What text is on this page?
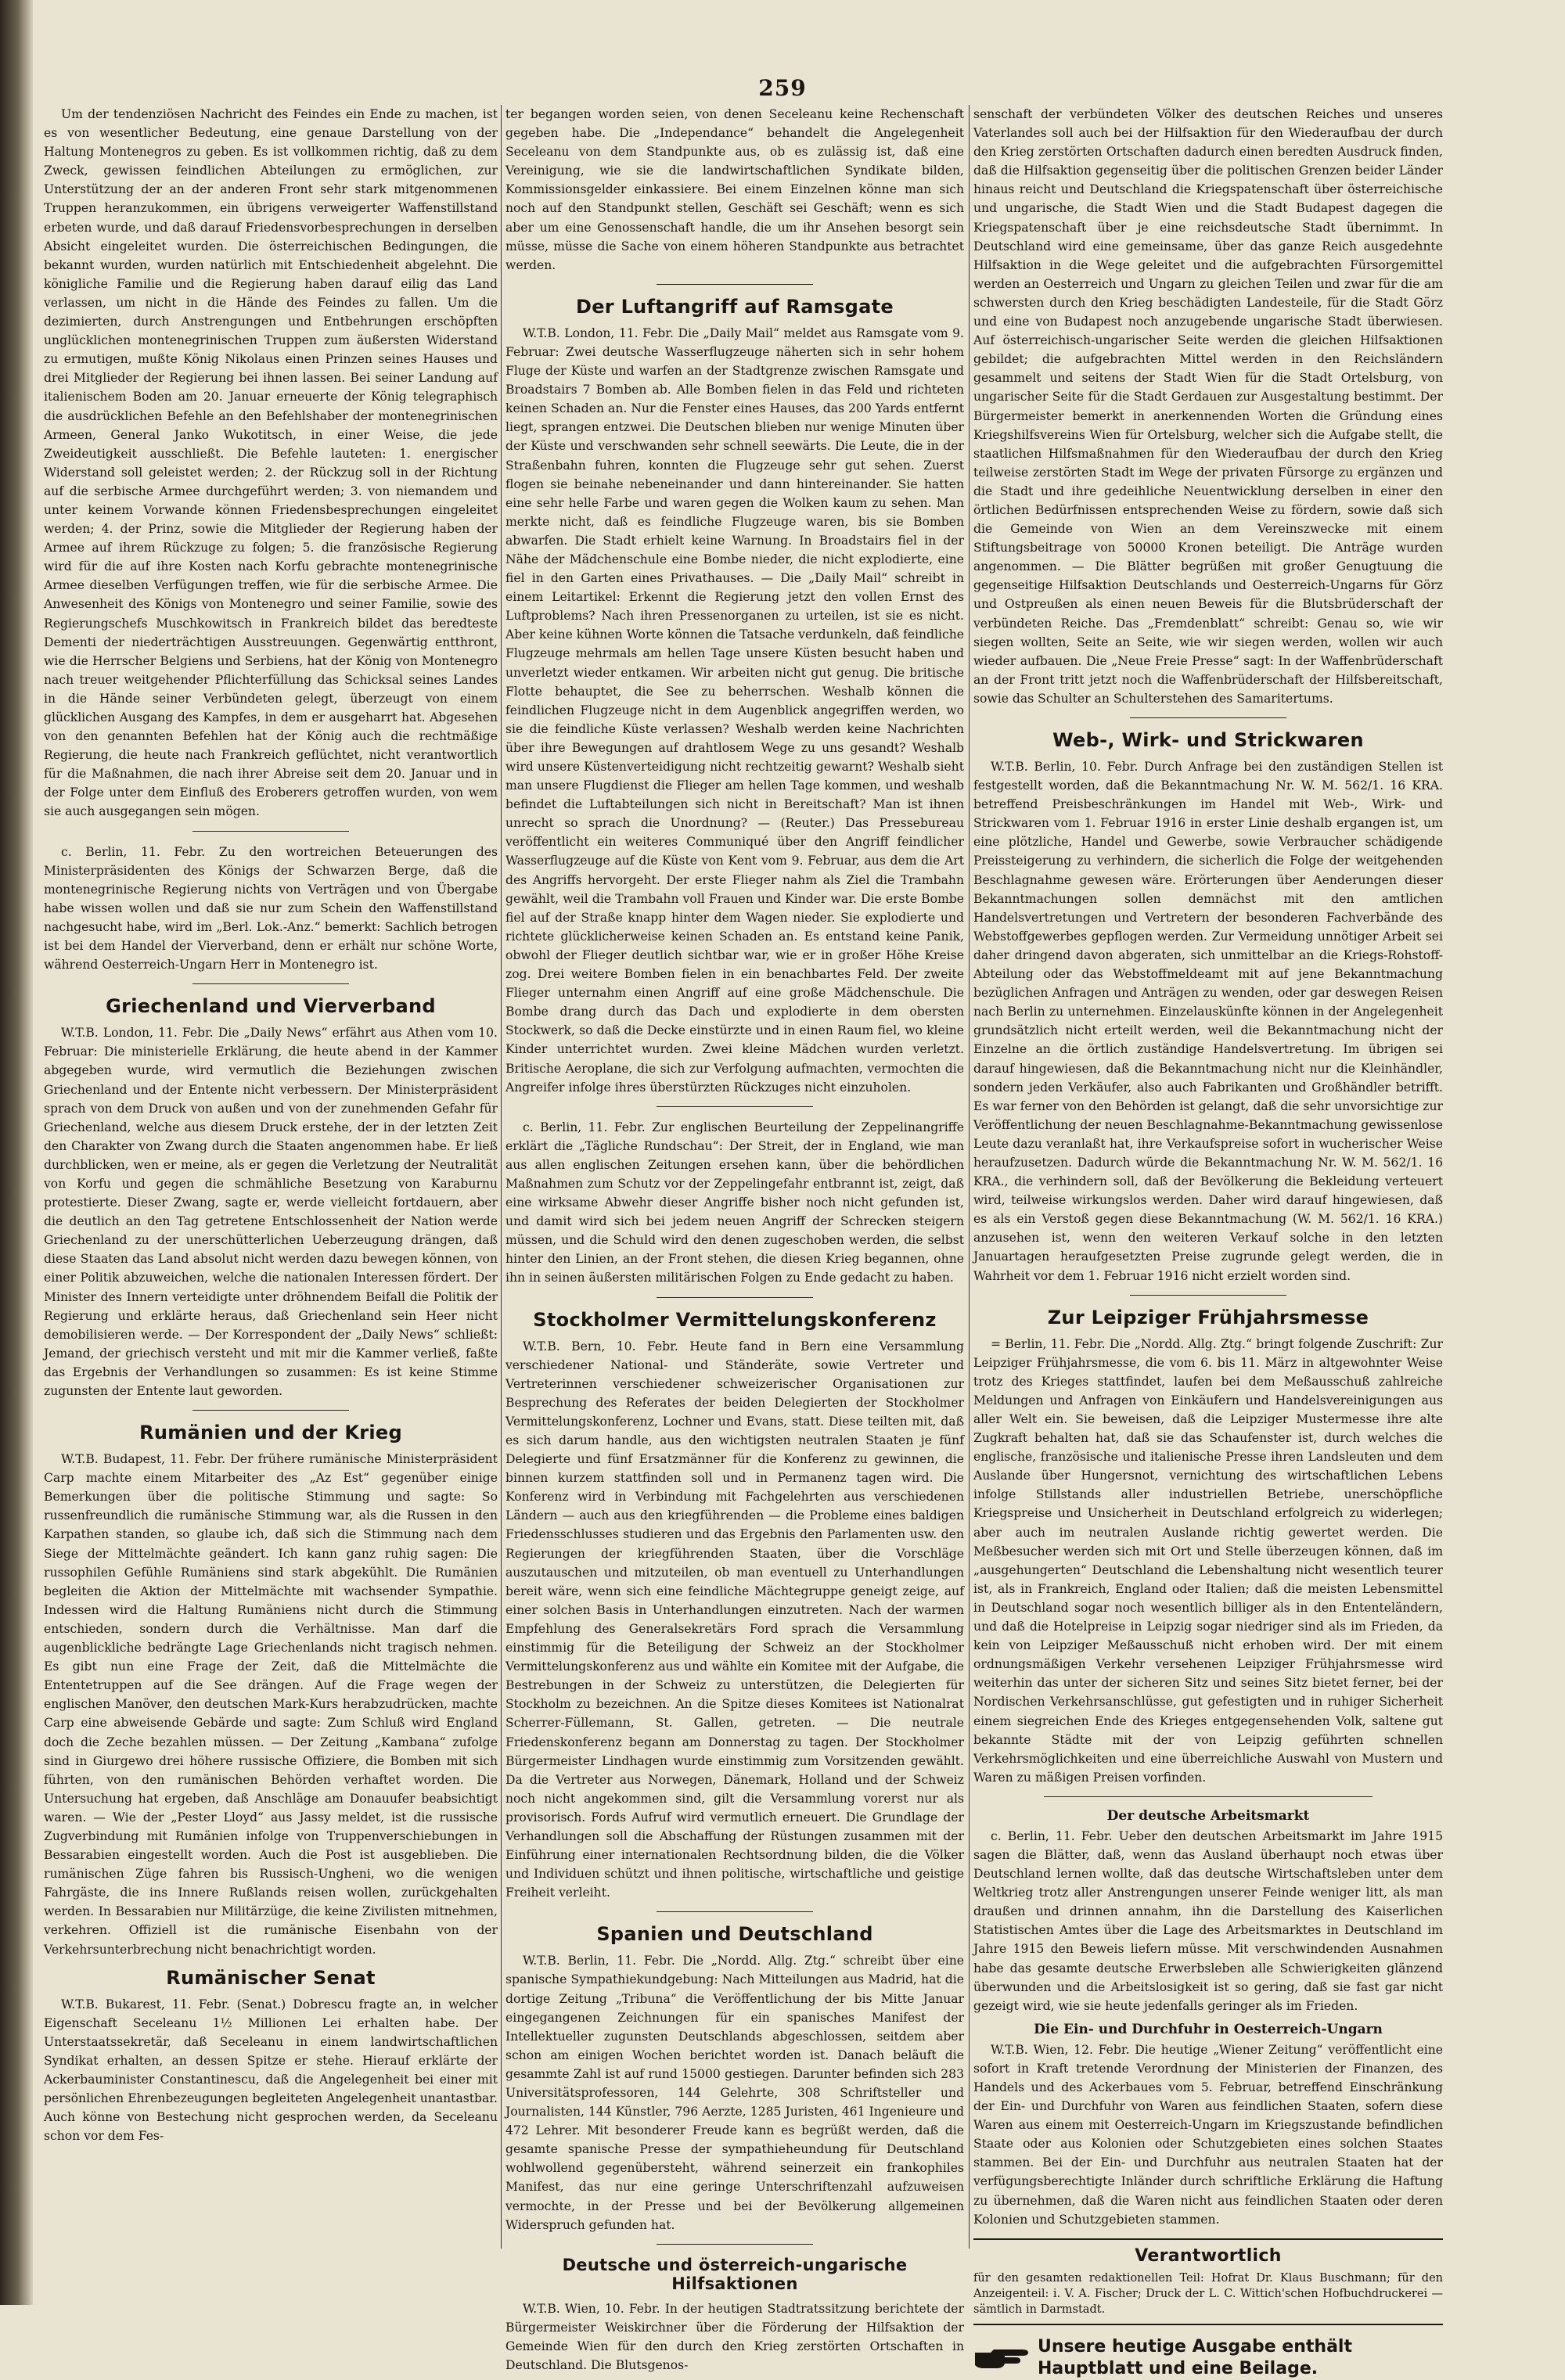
259

Um der tendenziösen Nachricht des Feindes ein Ende zu machen, ist es von wesentlicher Bedeutung, eine genaue Darstellung von der Haltung Montenegros zu geben. Es ist vollkommen richtig, daß zu dem Zweck, gewissen feindlichen Abteilungen zu ermöglichen, zur Unterstützung der an der anderen Front sehr stark mitgenommenen Truppen heranzukommen, ein übrigens verweigerter Waffenstillstand erbeten wurde, und daß darauf Friedensvorbesprechungen in derselben Absicht eingeleitet wurden. Die österreichischen Bedingungen, die bekannt wurden, wurden natürlich mit Entschiedenheit abgelehnt. Die königliche Familie und die Regierung haben darauf eilig das Land verlassen, um nicht in die Hände des Feindes zu fallen. Um die dezimierten, durch Anstrengungen und Entbehrungen erschöpften unglücklichen montenegrinischen Truppen zum äußersten Widerstand zu ermutigen, mußte König Nikolaus einen Prinzen seines Hauses und drei Mitglieder der Regierung bei ihnen lassen. Bei seiner Landung auf italienischem Boden am 20. Januar erneuerte der König telegraphisch die ausdrücklichen Befehle an den Befehlshaber der montenegrinischen Armeen, General Janko Wukotitsch, in einer Weise, die jede Zweideutigkeit ausschließt. Die Befehle lauteten: 1. energischer Widerstand soll geleistet werden; 2. der Rückzug soll in der Richtung auf die serbische Armee durchgeführt werden; 3. von niemandem und unter keinem Vorwande können Friedensbesprechungen eingeleitet werden; 4. der Prinz, sowie die Mitglieder der Regierung haben der Armee auf ihrem Rückzuge zu folgen; 5. die französische Regierung wird für die auf ihre Kosten nach Korfu gebrachte montenegrinische Armee dieselben Verfügungen treffen, wie für die serbische Armee. Die Anwesenheit des Königs von Montenegro und seiner Familie, sowie des Regierungschefs Muschkowitsch in Frankreich bildet das beredteste Dementi der niederträchtigen Ausstreuungen. Gegenwärtig entthront, wie die Herrscher Belgiens und Serbiens, hat der König von Montenegro nach treuer weitgehender Pflichterfüllung das Schicksal seines Landes in die Hände seiner Verbündeten gelegt, überzeugt von einem glücklichen Ausgang des Kampfes, in dem er ausgeharrt hat. Abgesehen von den genannten Befehlen hat der König auch die rechtmäßige Regierung, die heute nach Frankreich geflüchtet, nicht verantwortlich für die Maßnahmen, die nach ihrer Abreise seit dem 20. Januar und in der Folge unter dem Einfluß des Eroberers getroffen wurden, von wem sie auch ausgegangen sein mögen.

c. Berlin, 11. Febr. Zu den wortreichen Beteuerungen des Ministerpräsidenten des Königs der Schwarzen Berge, daß die montenegrinische Regierung nichts von Verträgen und von Übergabe habe wissen wollen und daß sie nur zum Schein den Waffenstillstand nachgesucht habe, wird im „Berl. Lok.-Anz.“ bemerkt: Sachlich betrogen ist bei dem Handel der Vierverband, denn er erhält nur schöne Worte, während Oesterreich-Ungarn Herr in Montenegro ist.

Griechenland und Vierverband

W.T.B. London, 11. Febr. Die „Daily News“ erfährt aus Athen vom 10. Februar: Die ministerielle Erklärung, die heute abend in der Kammer abgegeben wurde, wird vermutlich die Beziehungen zwischen Griechenland und der Entente nicht verbessern. Der Ministerpräsident sprach von dem Druck von außen und von der zunehmenden Gefahr für Griechenland, welche aus diesem Druck erstehe, der in der letzten Zeit den Charakter von Zwang durch die Staaten angenommen habe. Er ließ durchblicken, wen er meine, als er gegen die Verletzung der Neutralität von Korfu und gegen die schmähliche Besetzung von Karaburnu protestierte. Dieser Zwang, sagte er, werde vielleicht fortdauern, aber die deutlich an den Tag getretene Entschlossenheit der Nation werde Griechenland zu der unerschütterlichen Ueberzeugung drängen, daß diese Staaten das Land absolut nicht werden dazu bewegen können, von einer Politik abzuweichen, welche die nationalen Interessen fördert. Der Minister des Innern verteidigte unter dröhnendem Beifall die Politik der Regierung und erklärte heraus, daß Griechenland sein Heer nicht demobilisieren werde. — Der Korrespondent der „Daily News“ schließt: Jemand, der griechisch versteht und mit mir die Kammer verließ, faßte das Ergebnis der Verhandlungen so zusammen: Es ist keine Stimme zugunsten der Entente laut geworden.

Rumänien und der Krieg

W.T.B. Budapest, 11. Febr. Der frühere rumänische Ministerpräsident Carp machte einem Mitarbeiter des „Az Est“ gegenüber einige Bemerkungen über die politische Stimmung und sagte: So russenfreundlich die rumänische Stimmung war, als die Russen in den Karpathen standen, so glaube ich, daß sich die Stimmung nach dem Siege der Mittelmächte geändert. Ich kann ganz ruhig sagen: Die russophilen Gefühle Rumäniens sind stark abgekühlt. Die Rumänien begleiten die Aktion der Mittelmächte mit wachsender Sympathie. Indessen wird die Haltung Rumäniens nicht durch die Stimmung entschieden, sondern durch die Verhältnisse. Man darf die augenblickliche bedrängte Lage Griechenlands nicht tragisch nehmen. Es gibt nun eine Frage der Zeit, daß die Mittelmächte die Ententetruppen auf die See drängen. Auf die Frage wegen der englischen Manöver, den deutschen Mark-Kurs herabzudrücken, machte Carp eine abweisende Gebärde und sagte: Zum Schluß wird England doch die Zeche bezahlen müssen. — Der Zeitung „Kambana“ zufolge sind in Giurgewo drei höhere russische Offiziere, die Bomben mit sich führten, von den rumänischen Behörden verhaftet worden. Die Untersuchung hat ergeben, daß Anschläge am Donauufer beabsichtigt waren. — Wie der „Pester Lloyd“ aus Jassy meldet, ist die russische Zugverbindung mit Rumänien infolge von Truppenverschiebungen in Bessarabien eingestellt worden. Auch die Post ist ausgeblieben. Die rumänischen Züge fahren bis Russisch-Ungheni, wo die wenigen Fahrgäste, die ins Innere Rußlands reisen wollen, zurückgehalten werden. In Bessarabien nur Militärzüge, die keine Zivilisten mitnehmen, verkehren. Offiziell ist die rumänische Eisenbahn von der Verkehrsunterbrechung nicht benachrichtigt worden.

Rumänischer Senat

W.T.B. Bukarest, 11. Febr. (Senat.) Dobrescu fragte an, in welcher Eigenschaft Seceleanu 1½ Millionen Lei erhalten habe. Der Unterstaatssekretär, daß Seceleanu in einem landwirtschaftlichen Syndikat erhalten, an dessen Spitze er stehe. Hierauf erklärte der Ackerbauminister Constantinescu, daß die Angelegenheit bei einer mit persönlichen Ehrenbezeugungen begleiteten Angelegenheit unantastbar. Auch könne von Bestechung nicht gesprochen werden, da Seceleanu schon vor dem Fes-

ter begangen worden seien, von denen Seceleanu keine Rechenschaft gegeben habe. Die „Independance“ behandelt die Angelegenheit Seceleanu von dem Standpunkte aus, ob es zulässig ist, daß eine Vereinigung, wie sie die landwirtschaftlichen Syndikate bilden, Kommissionsgelder einkassiere. Bei einem Einzelnen könne man sich noch auf den Standpunkt stellen, Geschäft sei Geschäft; wenn es sich aber um eine Genossenschaft handle, die um ihr Ansehen besorgt sein müsse, müsse die Sache von einem höheren Standpunkte aus betrachtet werden.

Der Luftangriff auf Ramsgate

W.T.B. London, 11. Febr. Die „Daily Mail“ meldet aus Ramsgate vom 9. Februar: Zwei deutsche Wasserflugzeuge näherten sich in sehr hohem Fluge der Küste und warfen an der Stadtgrenze zwischen Ramsgate und Broadstairs 7 Bomben ab. Alle Bomben fielen in das Feld und richteten keinen Schaden an. Nur die Fenster eines Hauses, das 200 Yards entfernt liegt, sprangen entzwei. Die Deutschen blieben nur wenige Minuten über der Küste und verschwanden sehr schnell seewärts. Die Leute, die in der Straßenbahn fuhren, konnten die Flugzeuge sehr gut sehen. Zuerst flogen sie beinahe nebeneinander und dann hintereinander. Sie hatten eine sehr helle Farbe und waren gegen die Wolken kaum zu sehen. Man merkte nicht, daß es feindliche Flugzeuge waren, bis sie Bomben abwarfen. Die Stadt erhielt keine Warnung. In Broadstairs fiel in der Nähe der Mädchenschule eine Bombe nieder, die nicht explodierte, eine fiel in den Garten eines Privathauses. — Die „Daily Mail“ schreibt in einem Leitartikel: Erkennt die Regierung jetzt den vollen Ernst des Luftproblems? Nach ihren Pressenorganen zu urteilen, ist sie es nicht. Aber keine kühnen Worte können die Tatsache verdunkeln, daß feindliche Flugzeuge mehrmals am hellen Tage unsere Küsten besucht haben und unverletzt wieder entkamen. Wir arbeiten nicht gut genug. Die britische Flotte behauptet, die See zu beherrschen. Weshalb können die feindlichen Flugzeuge nicht in dem Augenblick angegriffen werden, wo sie die feindliche Küste verlassen? Weshalb werden keine Nachrichten über ihre Bewegungen auf drahtlosem Wege zu uns gesandt? Weshalb wird unsere Küstenverteidigung nicht rechtzeitig gewarnt? Weshalb sieht man unsere Flugdienst die Flieger am hellen Tage kommen, und weshalb befindet die Luftabteilungen sich nicht in Bereitschaft? Man ist ihnen unrecht so sprach die Unordnung? — (Reuter.) Das Pressebureau veröffentlicht ein weiteres Communiqué über den Angriff feindlicher Wasserflugzeuge auf die Küste von Kent vom 9. Februar, aus dem die Art des Angriffs hervorgeht. Der erste Flieger nahm als Ziel die Trambahn gewählt, weil die Trambahn voll Frauen und Kinder war. Die erste Bombe fiel auf der Straße knapp hinter dem Wagen nieder. Sie explodierte und richtete glücklicherweise keinen Schaden an. Es entstand keine Panik, obwohl der Flieger deutlich sichtbar war, wie er in großer Höhe Kreise zog. Drei weitere Bomben fielen in ein benachbartes Feld. Der zweite Flieger unternahm einen Angriff auf eine große Mädchenschule. Die Bombe drang durch das Dach und explodierte in dem obersten Stockwerk, so daß die Decke einstürzte und in einen Raum fiel, wo kleine Kinder unterrichtet wurden. Zwei kleine Mädchen wurden verletzt. Britische Aeroplane, die sich zur Verfolgung aufmachten, vermochten die Angreifer infolge ihres überstürzten Rückzuges nicht einzuholen.

c. Berlin, 11. Febr. Zur englischen Beurteilung der Zeppelinangriffe erklärt die „Tägliche Rundschau“: Der Streit, der in England, wie man aus allen englischen Zeitungen ersehen kann, über die behördlichen Maßnahmen zum Schutz vor der Zeppelingefahr entbrannt ist, zeigt, daß eine wirksame Abwehr dieser Angriffe bisher noch nicht gefunden ist, und damit wird sich bei jedem neuen Angriff der Schrecken steigern müssen, und die Schuld wird den denen zugeschoben werden, die selbst hinter den Linien, an der Front stehen, die diesen Krieg begannen, ohne ihn in seinen äußersten militärischen Folgen zu Ende gedacht zu haben.

Stockholmer Vermittelungskonferenz

W.T.B. Bern, 10. Febr. Heute fand in Bern eine Versammlung verschiedener National- und Ständeräte, sowie Vertreter und Vertreterinnen verschiedener schweizerischer Organisationen zur Besprechung des Referates der beiden Delegierten der Stockholmer Vermittelungskonferenz, Lochner und Evans, statt. Diese teilten mit, daß es sich darum handle, aus den wichtigsten neutralen Staaten je fünf Delegierte und fünf Ersatzmänner für die Konferenz zu gewinnen, die binnen kurzem stattfinden soll und in Permanenz tagen wird. Die Konferenz wird in Verbindung mit Fachgelehrten aus verschiedenen Ländern — auch aus den kriegführenden — die Probleme eines baldigen Friedensschlusses studieren und das Ergebnis den Parlamenten usw. den Regierungen der kriegführenden Staaten, über die Vorschläge auszutauschen und mitzuteilen, ob man eventuell zu Unterhandlungen bereit wäre, wenn sich eine feindliche Mächtegruppe geneigt zeige, auf einer solchen Basis in Unterhandlungen einzutreten. Nach der warmen Empfehlung des Generalsekretärs Ford sprach die Versammlung einstimmig für die Beteiligung der Schweiz an der Stockholmer Vermittelungskonferenz aus und wählte ein Komitee mit der Aufgabe, die Bestrebungen in der Schweiz zu unterstützen, die Delegierten für Stockholm zu bezeichnen. An die Spitze dieses Komitees ist Nationalrat Scherrer-Füllemann, St. Gallen, getreten. — Die neutrale Friedenskonferenz begann am Donnerstag zu tagen. Der Stockholmer Bürgermeister Lindhagen wurde einstimmig zum Vorsitzenden gewählt. Da die Vertreter aus Norwegen, Dänemark, Holland und der Schweiz noch nicht angekommen sind, gilt die Versammlung vorerst nur als provisorisch. Fords Aufruf wird vermutlich erneuert. Die Grundlage der Verhandlungen soll die Abschaffung der Rüstungen zusammen mit der Einführung einer internationalen Rechtsordnung bilden, die die Völker und Individuen schützt und ihnen politische, wirtschaftliche und geistige Freiheit verleiht.

Spanien und Deutschland

W.T.B. Berlin, 11. Febr. Die „Nordd. Allg. Ztg.“ schreibt über eine spanische Sympathiekundgebung: Nach Mitteilungen aus Madrid, hat die dortige Zeitung „Tribuna“ die Veröffentlichung der bis Mitte Januar eingegangenen Zeichnungen für ein spanisches Manifest der Intellektueller zugunsten Deutschlands abgeschlossen, seitdem aber schon am einigen Wochen berichtet worden ist. Danach beläuft die gesammte Zahl ist auf rund 15000 gestiegen. Darunter befinden sich 283 Universitätsprofessoren, 144 Gelehrte, 308 Schriftsteller und Journalisten, 144 Künstler, 796 Aerzte, 1285 Juristen, 461 Ingenieure und 472 Lehrer. Mit besonderer Freude kann es begrüßt werden, daß die gesamte spanische Presse der sympathieheundung für Deutschland wohlwollend gegenübersteht, während seinerzeit ein frankophiles Manifest, das nur eine geringe Unterschriftenzahl aufzuweisen vermochte, in der Presse und bei der Bevölkerung allgemeinen Widerspruch gefunden hat.

Deutsche und österreich-ungarische Hilfsaktionen

W.T.B. Wien, 10. Febr. In der heutigen Stadtratssitzung berichtete der Bürgermeister Weiskirchner über die Förderung der Hilfsaktion der Gemeinde Wien für den durch den Krieg zerstörten Ortschaften in Deutschland. Die Blutsgenos-

senschaft der verbündeten Völker des deutschen Reiches und unseres Vaterlandes soll auch bei der Hilfsaktion für den Wiederaufbau der durch den Krieg zerstörten Ortschaften dadurch einen beredten Ausdruck finden, daß die Hilfsaktion gegenseitig über die politischen Grenzen beider Länder hinaus reicht und Deutschland die Kriegspatenschaft über österreichische und ungarische, die Stadt Wien und die Stadt Budapest dagegen die Kriegspatenschaft über je eine reichsdeutsche Stadt übernimmt. In Deutschland wird eine gemeinsame, über das ganze Reich ausgedehnte Hilfsaktion in die Wege geleitet und die aufgebrachten Fürsorgemittel werden an Oesterreich und Ungarn zu gleichen Teilen und zwar für die am schwersten durch den Krieg beschädigten Landesteile, für die Stadt Görz und eine von Budapest noch anzugebende ungarische Stadt überwiesen. Auf österreichisch-ungarischer Seite werden die gleichen Hilfsaktionen gebildet; die aufgebrachten Mittel werden in den Reichsländern gesammelt und seitens der Stadt Wien für die Stadt Ortelsburg, von ungarischer Seite für die Stadt Gerdauen zur Ausgestaltung bestimmt. Der Bürgermeister bemerkt in anerkennenden Worten die Gründung eines Kriegshilfsvereins Wien für Ortelsburg, welcher sich die Aufgabe stellt, die staatlichen Hilfsmaßnahmen für den Wiederaufbau der durch den Krieg teilweise zerstörten Stadt im Wege der privaten Fürsorge zu ergänzen und die Stadt und ihre gedeihliche Neuentwicklung derselben in einer den örtlichen Bedürfnissen entsprechenden Weise zu fördern, sowie daß sich die Gemeinde von Wien an dem Vereinszwecke mit einem Stiftungsbeitrage von 50000 Kronen beteiligt. Die Anträge wurden angenommen. — Die Blätter begrüßen mit großer Genugtuung die gegenseitige Hilfsaktion Deutschlands und Oesterreich-Ungarns für Görz und Ostpreußen als einen neuen Beweis für die Blutsbrüderschaft der verbündeten Reiche. Das „Fremdenblatt“ schreibt: Genau so, wie wir siegen wollten, Seite an Seite, wie wir siegen werden, wollen wir auch wieder aufbauen. Die „Neue Freie Presse“ sagt: In der Waffenbrüderschaft an der Front tritt jetzt noch die Waffenbrüderschaft der Hilfsbereitschaft, sowie das Schulter an Schulterstehen des Samaritertums.

Web-, Wirk- und Strickwaren

W.T.B. Berlin, 10. Febr. Durch Anfrage bei den zuständigen Stellen ist festgestellt worden, daß die Bekanntmachung Nr. W. M. 562/1. 16 KRA. betreffend Preisbeschränkungen im Handel mit Web-, Wirk- und Strickwaren vom 1. Februar 1916 in erster Linie deshalb ergangen ist, um eine plötzliche, Handel und Gewerbe, sowie Verbraucher schädigende Preissteigerung zu verhindern, die sicherlich die Folge der weitgehenden Beschlagnahme gewesen wäre. Erörterungen über Aenderungen dieser Bekanntmachungen sollen demnächst mit den amtlichen Handelsvertretungen und Vertretern der besonderen Fachverbände des Webstoffgewerbes gepflogen werden. Zur Vermeidung unnötiger Arbeit sei daher dringend davon abgeraten, sich unmittelbar an die Kriegs-Rohstoff-Abteilung oder das Webstoffmeldeamt mit auf jene Bekanntmachung bezüglichen Anfragen und Anträgen zu wenden, oder gar deswegen Reisen nach Berlin zu unternehmen. Einzelauskünfte können in der Angelegenheit grundsätzlich nicht erteilt werden, weil die Bekanntmachung nicht der Einzelne an die örtlich zuständige Handelsvertretung. Im übrigen sei darauf hingewiesen, daß die Bekanntmachung nicht nur die Kleinhändler, sondern jeden Verkäufer, also auch Fabrikanten und Großhändler betrifft. Es war ferner von den Behörden ist gelangt, daß die sehr unvorsichtige zur Veröffentlichung der neuen Beschlagnahme-Bekanntmachung gewissenlose Leute dazu veranlaßt hat, ihre Verkaufspreise sofort in wucherischer Weise heraufzusetzen. Dadurch würde die Bekanntmachung Nr. W. M. 562/1. 16 KRA., die verhindern soll, daß der Bevölkerung die Bekleidung verteuert wird, teilweise wirkungslos werden. Daher wird darauf hingewiesen, daß es als ein Verstoß gegen diese Bekanntmachung (W. M. 562/1. 16 KRA.) anzusehen ist, wenn den weiteren Verkauf solche in den letzten Januartagen heraufgesetzten Preise zugrunde gelegt werden, die in Wahrheit vor dem 1. Februar 1916 nicht erzielt worden sind.

Zur Leipziger Frühjahrsmesse

= Berlin, 11. Febr. Die „Nordd. Allg. Ztg.“ bringt folgende Zuschrift: Zur Leipziger Frühjahrsmesse, die vom 6. bis 11. März in altgewohnter Weise trotz des Krieges stattfindet, laufen bei dem Meßausschuß zahlreiche Meldungen und Anfragen von Einkäufern und Handelsvereinigungen aus aller Welt ein. Sie beweisen, daß die Leipziger Mustermesse ihre alte Zugkraft behalten hat, daß sie das Schaufenster ist, durch welches die englische, französische und italienische Presse ihren Landsleuten und dem Auslande über Hungersnot, vernichtung des wirtschaftlichen Lebens infolge Stillstands aller industriellen Betriebe, unerschöpfliche Kriegspreise und Unsicherheit in Deutschland erfolgreich zu widerlegen; aber auch im neutralen Auslande richtig gewertet werden. Die Meßbesucher werden sich mit Ort und Stelle überzeugen können, daß im „ausgehungerten“ Deutschland die Lebenshaltung nicht wesentlich teurer ist, als in Frankreich, England oder Italien; daß die meisten Lebensmittel in Deutschland sogar noch wesentlich billiger als in den Ententeländern, und daß die Hotelpreise in Leipzig sogar niedriger sind als im Frieden, da kein von Leipziger Meßausschuß nicht erhoben wird. Der mit einem ordnungsmäßigen Verkehr versehenen Leipziger Frühjahrsmesse wird weiterhin das unter der sicheren Sitz und seines Sitz bietet ferner, bei der Nordischen Verkehrsanschlüsse, gut gefestigten und in ruhiger Sicherheit einem siegreichen Ende des Krieges entgegensehenden Volk, saltene gut bekannte Städte mit der von Leipzig geführten schnellen Verkehrsmöglichkeiten und eine überreichliche Auswahl von Mustern und Waren zu mäßigen Preisen vorfinden.

Der deutsche Arbeitsmarkt

c. Berlin, 11. Febr. Ueber den deutschen Arbeitsmarkt im Jahre 1915 sagen die Blätter, daß, wenn das Ausland überhaupt noch etwas über Deutschland lernen wollte, daß das deutsche Wirtschaftsleben unter dem Weltkrieg trotz aller Anstrengungen unserer Feinde weniger litt, als man draußen und drinnen annahm, ihn die Darstellung des Kaiserlichen Statistischen Amtes über die Lage des Arbeitsmarktes in Deutschland im Jahre 1915 den Beweis liefern müsse. Mit verschwindenden Ausnahmen habe das gesamte deutsche Erwerbsleben alle Schwierigkeiten glänzend überwunden und die Arbeitslosigkeit ist so gering, daß sie fast gar nicht gezeigt wird, wie sie heute jedenfalls geringer als im Frieden.

Die Ein- und Durchfuhr in Oesterreich-Ungarn

W.T.B. Wien, 12. Febr. Die heutige „Wiener Zeitung“ veröffentlicht eine sofort in Kraft tretende Verordnung der Ministerien der Finanzen, des Handels und des Ackerbaues vom 5. Februar, betreffend Einschränkung der Ein- und Durchfuhr von Waren aus feindlichen Staaten, sofern diese Waren aus einem mit Oesterreich-Ungarn im Kriegszustande befindlichen Staate oder aus Kolonien oder Schutzgebieten eines solchen Staates stammen. Bei der Ein- und Durchfuhr aus neutralen Staaten hat der verfügungsberechtigte Inländer durch schriftliche Erklärung die Haftung zu übernehmen, daß die Waren nicht aus feindlichen Staaten oder deren Kolonien und Schutzgebieten stammen.

Verantwortlich

für den gesamten redaktionellen Teil: Hofrat Dr. Klaus Buschmann; für den Anzeigenteil: i. V. A. Fischer; Druck der L. C. Wittich'schen Hofbuchdruckerei — sämtlich in Darmstadt.

Unsere heutige Ausgabe enthält Hauptblatt und eine Beilage.
